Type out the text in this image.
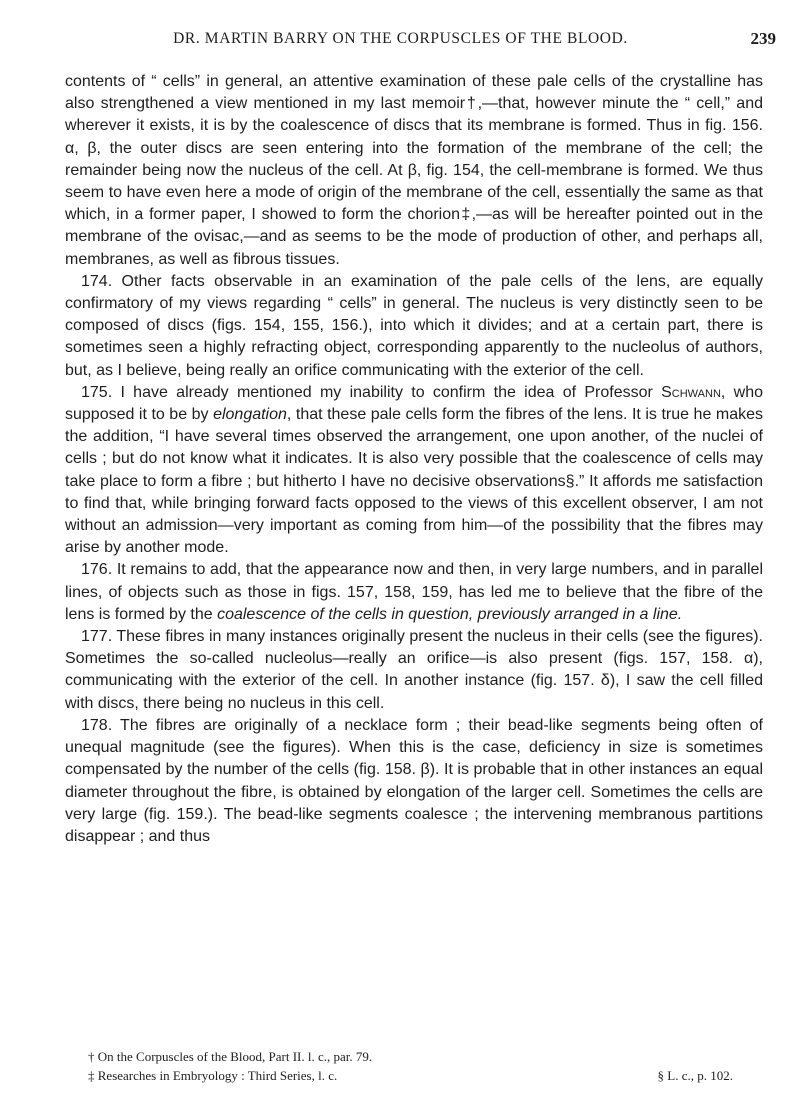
DR. MARTIN BARRY ON THE CORPUSCLES OF THE BLOOD.	239

contents of “ cells” in general, an attentive examination of these pale cells of the crystalline has also strengthened a view mentioned in my last memoir†,—that, however minute the “ cell,” and wherever it exists, it is by the coalescence of discs that its membrane is formed. Thus in fig. 156. α, β, the outer discs are seen entering into the formation of the membrane of the cell; the remainder being now the nucleus of the cell. At β, fig. 154, the cell-membrane is formed. We thus seem to have even here a mode of origin of the membrane of the cell, essentially the same as that which, in a former paper, I showed to form the chorion‡,—as will be hereafter pointed out in the membrane of the ovisac,—and as seems to be the mode of production of other, and perhaps all, membranes, as well as fibrous tissues.

174. Other facts observable in an examination of the pale cells of the lens, are equally confirmatory of my views regarding “ cells” in general. The nucleus is very distinctly seen to be composed of discs (figs. 154, 155, 156.), into which it divides; and at a certain part, there is sometimes seen a highly refracting object, corresponding apparently to the nucleolus of authors, but, as I believe, being really an orifice communicating with the exterior of the cell.

175. I have already mentioned my inability to confirm the idea of Professor Schwann, who supposed it to be by elongation, that these pale cells form the fibres of the lens. It is true he makes the addition, “I have several times observed the arrangement, one upon another, of the nuclei of cells ; but do not know what it indicates. It is also very possible that the coalescence of cells may take place to form a fibre ; but hitherto I have no decisive observations§.” It affords me satisfaction to find that, while bringing forward facts opposed to the views of this excellent observer, I am not without an admission—very important as coming from him—of the possibility that the fibres may arise by another mode.

176. It remains to add, that the appearance now and then, in very large numbers, and in parallel lines, of objects such as those in figs. 157, 158, 159, has led me to believe that the fibre of the lens is formed by the coalescence of the cells in question, previously arranged in a line.

177. These fibres in many instances originally present the nucleus in their cells (see the figures). Sometimes the so-called nucleolus—really an orifice—is also present (figs. 157, 158. α), communicating with the exterior of the cell. In another instance (fig. 157. δ), I saw the cell filled with discs, there being no nucleus in this cell.

178. The fibres are originally of a necklace form ; their bead-like segments being often of unequal magnitude (see the figures). When this is the case, deficiency in size is sometimes compensated by the number of the cells (fig. 158. β). It is probable that in other instances an equal diameter throughout the fibre, is obtained by elongation of the larger cell. Sometimes the cells are very large (fig. 159.). The bead-like segments coalesce ; the intervening membranous partitions disappear ; and thus

† On the Corpuscles of the Blood, Part II. l. c., par. 79.
‡ Researches in Embryology : Third Series, l. c.	§ L. c., p. 102.
